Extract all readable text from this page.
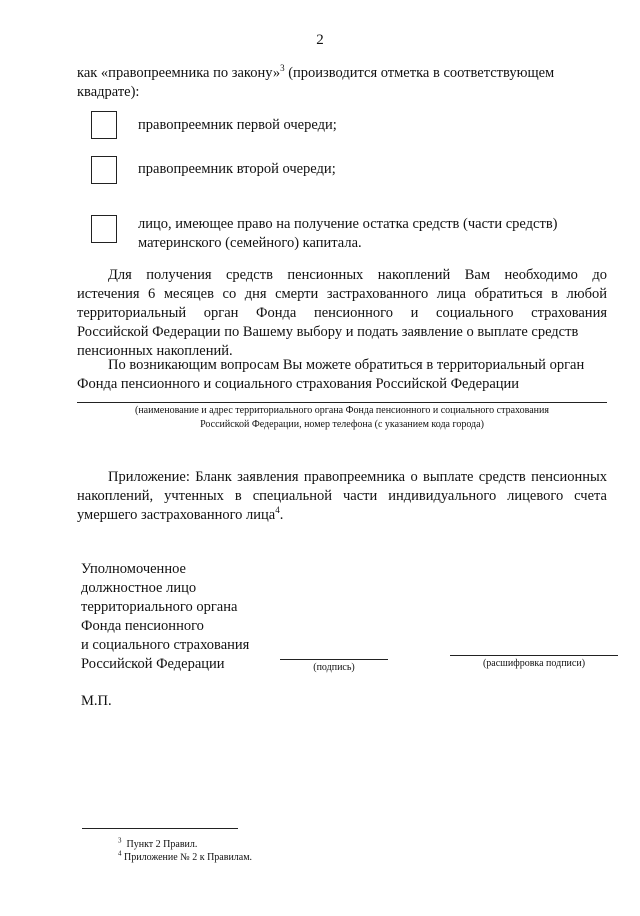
2
как «правопреемника по закону»$^3$ (производится отметка в соответствующем
квадрате):
правопреемник первой очереди;
правопреемник второй очереди;
лицо, имеющее право на получение остатка средств (части средств)
материнского (семейного) капитала.
Для получения средств пенсионных накоплений Вам необходимо до
истечения 6 месяцев со дня смерти застрахованного лица обратиться в любой
территориальный орган Фонда пенсионного и социального страхования
Российской Федерации по Вашему выбору и подать заявление о выплате средств
пенсионных накоплений.
По возникающим вопросам Вы можете обратиться в территориальный орган
Фонда пенсионного и социального страхования Российской Федерации
(наименование и адрес территориального органа Фонда пенсионного и социального страхования
Российской Федерации, номер телефона (с указанием кода города)
Приложение: Бланк заявления правопреемника о выплате средств пенсионных
накоплений, учтенных в специальной части индивидуального лицевого счета
умершего застрахованного лица$^4$.
Уполномоченное
должностное лицо
территориального органа
Фонда пенсионного
и социального страхования
Российской Федерации	(подпись)	(расшифровка подписи)
М.П.
$^3$ Пункт 2 Правил.
$^4$ Приложение № 2 к Правилам.
